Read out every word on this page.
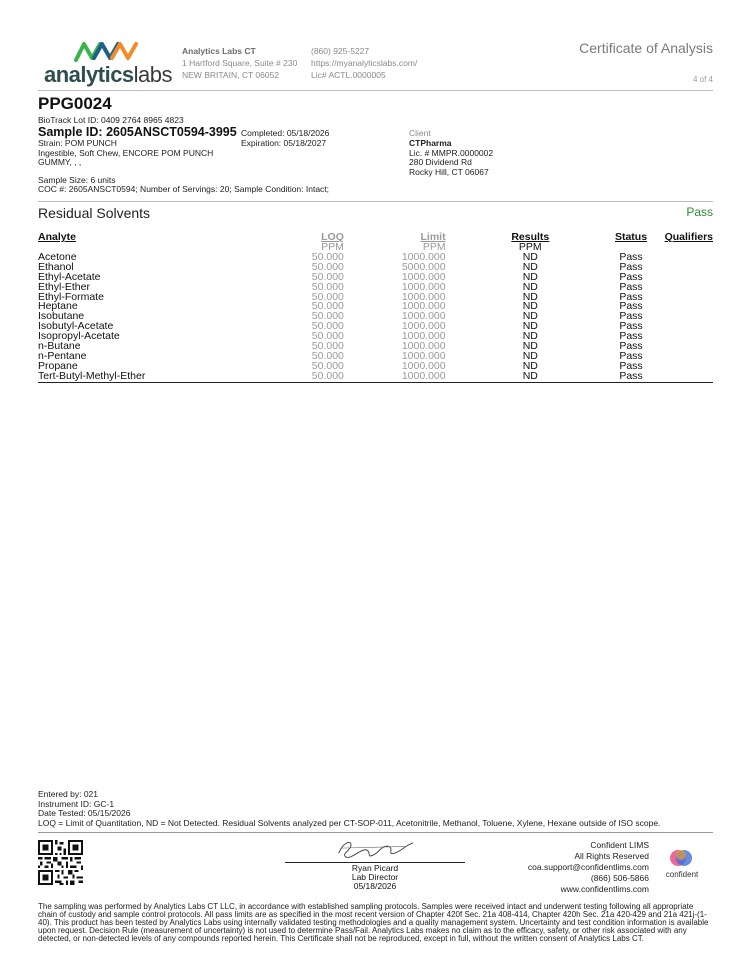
analyticslabs
Analytics Labs CT
1 Hartford Square, Suite # 230
NEW BRITAIN, CT 06052
(860) 925-5227
https://myanalyticslabs.com/
Lic# ACTL.0000005
Certificate of Analysis
4 of 4
PPG0024
BioTrack Lot ID: 0409 2764 8965 4823
Sample ID: 2605ANSCT0594-3995
Strain: POM PUNCH
Ingestible, Soft Chew, ENCORE POM PUNCH
GUMMY, , ,
Completed: 05/18/2026
Expiration: 05/18/2027
Sample Size: 6 units
COC #: 2605ANSCT0594; Number of Servings: 20; Sample Condition: Intact;
Client
CTPharma
Lic. # MMPR.0000002
280 Dividend Rd
Rocky Hill, CT 06067
Residual Solvents	Pass
Analyte	LOQ	Limit	Results	Status	Qualifiers
	PPM	PPM	PPM		
Acetone	50.000	1000.000	ND	Pass	
Ethanol	50.000	5000.000	ND	Pass	
Ethyl-Acetate	50.000	1000.000	ND	Pass	
Ethyl-Ether	50.000	1000.000	ND	Pass	
Ethyl-Formate	50.000	1000.000	ND	Pass	
Heptane	50.000	1000.000	ND	Pass	
Isobutane	50.000	1000.000	ND	Pass	
Isobutyl-Acetate	50.000	1000.000	ND	Pass	
Isopropyl-Acetate	50.000	1000.000	ND	Pass	
n-Butane	50.000	1000.000	ND	Pass	
n-Pentane	50.000	1000.000	ND	Pass	
Propane	50.000	1000.000	ND	Pass	
Tert-Butyl-Methyl-Ether	50.000	1000.000	ND	Pass	
Entered by: 021
Instrument ID: GC-1
Date Tested: 05/15/2026
LOQ = Limit of Quantitation, ND = Not Detected. Residual Solvents analyzed per CT-SOP-011, Acetonitrile, Methanol, Toluene, Xylene, Hexane outside of ISO scope.
Ryan Picard
Lab Director
05/18/2026
Confident LIMS
All Rights Reserved
coa.support@confidentlims.com
(866) 506-5866
www.confidentlims.com
confident
The sampling was performed by Analytics Labs CT LLC, in accordance with established sampling protocols. Samples were received intact and underwent testing following all appropriate chain of custody and sample control protocols. All pass limits are as specified in the most recent version of Chapter 420f Sec. 21a 408-414, Chapter 420h Sec. 21a 420-429 and 21a 421j-(1-40). This product has been tested by Analytics Labs using internally validated testing methodologies and a quality management system. Uncertainty and test condition information is available upon request. Decision Rule (measurement of uncertainty) is not used to determine Pass/Fail. Analytics Labs makes no claim as to the efficacy, safety, or other risk associated with any detected, or non-detected levels of any compounds reported herein. This Certificate shall not be reproduced, except in full, without the written consent of Analytics Labs CT.
